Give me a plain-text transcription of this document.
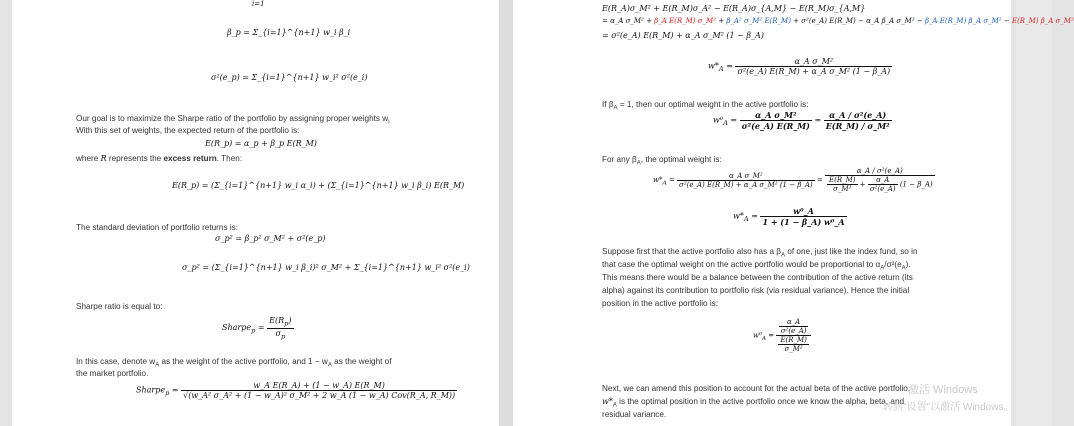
i=1
β_p = Σ_{i=1}^{n+1} w_i β_i
σ²(e_p) = Σ_{i=1}^{n+1} w_i² σ²(e_i)
Our goal is to maximize the Sharpe ratio of the portfolio by assigning proper weights $w_i$
With this set of weights, the expected return of the portfolio is:
E(R_p) = α_p + β_p E(R_M)
where R represents the excess return. Then:
E(R_p) = (Σ_{i=1}^{n+1} w_i α_i) + (Σ_{i=1}^{n+1} w_i β_i) E(R_M)
The standard deviation of portfolio returns is:
σ_p² = β_p² σ_M² + σ²(e_p)
σ_p² = (Σ_{i=1}^{n+1} w_i β_i)² σ_M² + Σ_{i=1}^{n+1} w_i² σ²(e_i)
Sharpe ratio is equal to:
Sharpe$_p$ = $\frac{E(R_p)}{\sigma_p}$
In this case, denote $w_A$ as the weight of the active portfolio, and $1 - w_A$ as the weight of
the market portfolio.
Sharpe$_p$ =	w_A E(R_A) + (1 − w_A) E(R_M)
√(w_A² σ_A² + (1 − w_A)² σ_M² + 2 w_A (1 − w_A) Cov(R_A, R_M))
E(R_A)σ_M² + E(R_M)σ_A² − E(R_A)σ_{A,M} − E(R_M)σ_{A,M}
= α_A σ_M² + β_A E(R_M) σ_M² + β_A² σ_M² E(R_M) + σ²(e_A) E(R_M) − α_A β_A σ_M² − β_A E(R_M) β_A σ_M² − E(R_M) β_A σ_M²
= σ²(e_A) E(R_M) + α_A σ_M² (1 − β_A)
$w*_A = \frac{\text{α\_A σ\_M²}}{\text{σ²(e\_A) E(R\_M) + α\_A σ\_M² (1 − β\_A)}}$
If $\beta_A = 1$, then our optimal weight in the active portfolio is:
$w^0_A = \frac{\text{α\_A σ\_M²}}{\text{σ²(e\_A) E(R\_M)}} = \frac{\text{α\_A / σ²(e\_A)}}{\text{E(R\_M) / σ\_M²}}$
For any $\beta_A$, the optimal weight is:
$w*_A = \frac{\text{α\_A σ\_M²}}{\text{σ²(e\_A) E(R\_M) + α\_A σ\_M² (1 − β\_A)}} = \frac{\text{α\_A / σ²(e\_A)}}{\frac{E(R\_M)}{\text{σ\_M²}} + \frac{\alpha\_A}{\text{σ²(e\_A)}} (1 - \beta\_A)}$
$w*_A = \frac{\text{w⁰\_A}}{\text{1 + (1 − β\_A) w⁰\_A}}$
Suppose first that the active portfolio also has a $\beta_A$ of one, just like the index fund, so in
that case the optimal weight on the active portfolio would be proportional to $\alpha_A/\sigma^2(e_A)$.
This means there would be a balance between the contribution of the active return (its
alpha) against its contribution to portfolio risk (via residual variance). Hence the initial
position in the active portfolio is:
$w^0_A = \frac{\frac{\alpha\_A}{\text{σ²(e\_A)}}}{\frac{E(R\_M)}{\text{σ\_M²}}}$
Next, we can amend this position to account for the actual beta of the active portfolio.
$w*_A$ is the optimal position in the active portfolio once we know the alpha, beta, and
residual variance.
激活 Windows
转到"设置"以激活 Windows。
